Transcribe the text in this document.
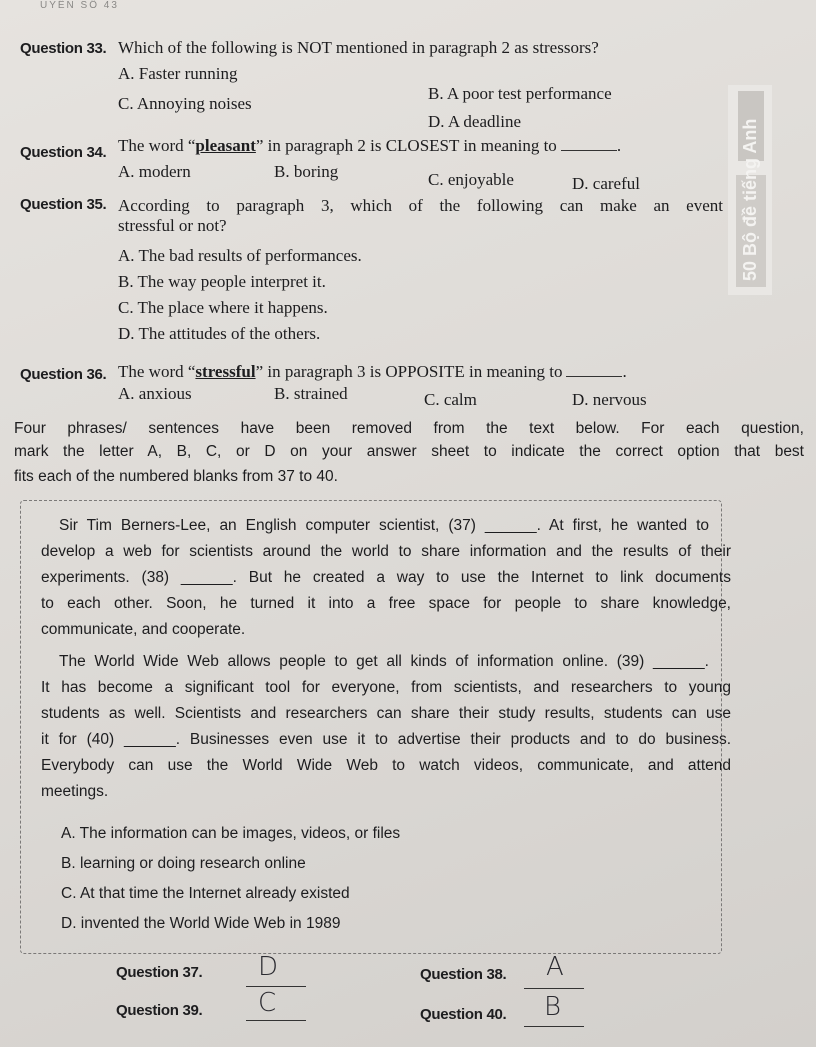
UYÊN SỐ 43
50 Bộ đề tiếng Anh
Question 33. Which of the following is NOT mentioned in paragraph 2 as stressors?
A. Faster running
B. A poor test performance
C. Annoying noises
D. A deadline
Question 34. The word “pleasant” in paragraph 2 is CLOSEST in meaning to	.
A. modern	B. boring	C. enjoyable	D. careful
Question 35. According to paragraph 3, which of the following can make an event
stressful or not?
A. The bad results of performances.
B. The way people interpret it.
C. The place where it happens.
D. The attitudes of the others.
Question 36. The word “stressful” in paragraph 3 is OPPOSITE in meaning to	.
A. anxious	B. strained	C. calm	D. nervous
Four phrases/ sentences have been removed from the text below. For each question,
mark the letter A, B, C, or D on your answer sheet to indicate the correct option that best
fits each of the numbered blanks from 37 to 40.
Sir Tim Berners-Lee, an English computer scientist, (37) ______. At first, he wanted to
develop a web for scientists around the world to share information and the results of their
experiments. (38) ______. But he created a way to use the Internet to link documents
to each other. Soon, he turned it into a free space for people to share knowledge,
communicate, and cooperate.
The World Wide Web allows people to get all kinds of information online. (39) ______.
It has become a significant tool for everyone, from scientists, and researchers to young
students as well. Scientists and researchers can share their study results, students can use
it for (40) ______. Businesses even use it to advertise their products and to do business.
Everybody can use the World Wide Web to watch videos, communicate, and attend
meetings.
A. The information can be images, videos, or files
B. learning or doing research online
C. At that time the Internet already existed
D. invented the World Wide Web in 1989
Question 37. D	Question 38. A
Question 39. C	Question 40. B
